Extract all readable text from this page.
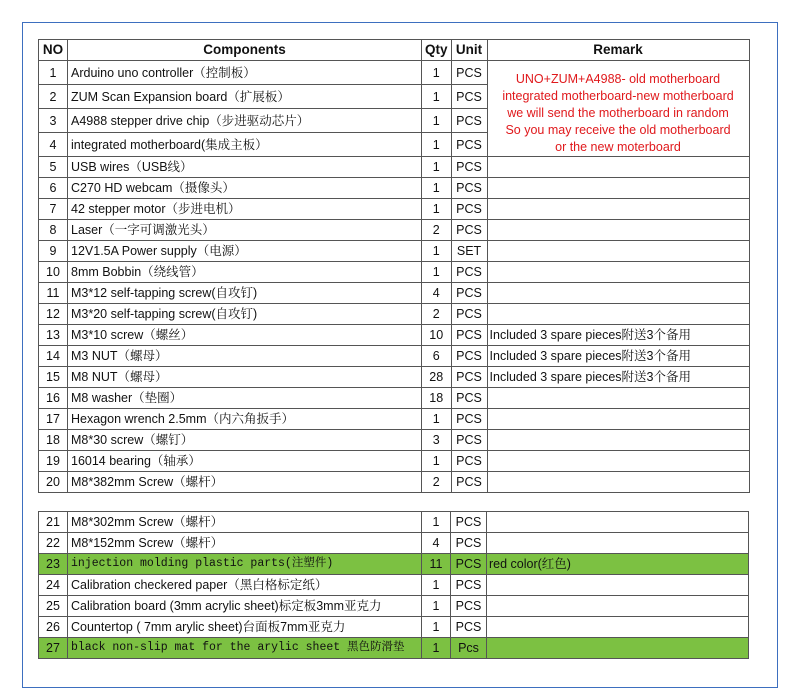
NO	Components	Qty	Unit	Remark
1	Arduino uno controller（控制板）	1	PCS	UNO+ZUM+A4988- old motherboard
integrated motherboard-new motherboard
we will send the motherboard in random
So you may receive the old motherboard
or the new moterboard

2	ZUM Scan Expansion board（扩展板）	1	PCS	
3	A4988 stepper drive chip（步进驱动芯片）	1	PCS	
4	integrated motherboard(集成主板）	1	PCS	
5	USB wires（USB线）	1	PCS	
6	C270 HD webcam（摄像头）	1	PCS	
7	42 stepper motor（步进电机）	1	PCS	
8	Laser（一字可调激光头）	2	PCS	
9	12V1.5A Power supply（电源）	1	SET	
10	8mm Bobbin（绕线管）	1	PCS	
11	M3*12 self-tapping screw(自攻钉)	4	PCS	
12	M3*20 self-tapping screw(自攻钉)	2	PCS	
13	M3*10 screw（螺丝）	10	PCS	Included 3 spare pieces附送3个备用
14	M3 NUT（螺母）	6	PCS	Included 3 spare pieces附送3个备用
15	M8 NUT（螺母）	28	PCS	Included 3 spare pieces附送3个备用
16	M8 washer（垫圈）	18	PCS	
17	Hexagon wrench 2.5mm（内六角扳手）	1	PCS	
18	M8*30 screw（螺钉）	3	PCS	
19	16014 bearing（轴承）	1	PCS	
20	M8*382mm Screw（螺杆）	2	PCS	
21	M8*302mm Screw（螺杆）	1	PCS	
22	M8*152mm Screw（螺杆）	4	PCS	
23	injection molding plastic parts(注塑件)	11	PCS	red color(红色)
24	Calibration checkered paper（黑白格标定纸）	1	PCS	
25	Calibration board (3mm acrylic sheet)标定板3mm亚克力	1	PCS	
26	Countertop ( 7mm arylic sheet)台面板7mm亚克力	1	PCS	
27	black non-slip mat for the arylic sheet 黑色防滑垫	1	Pcs	
